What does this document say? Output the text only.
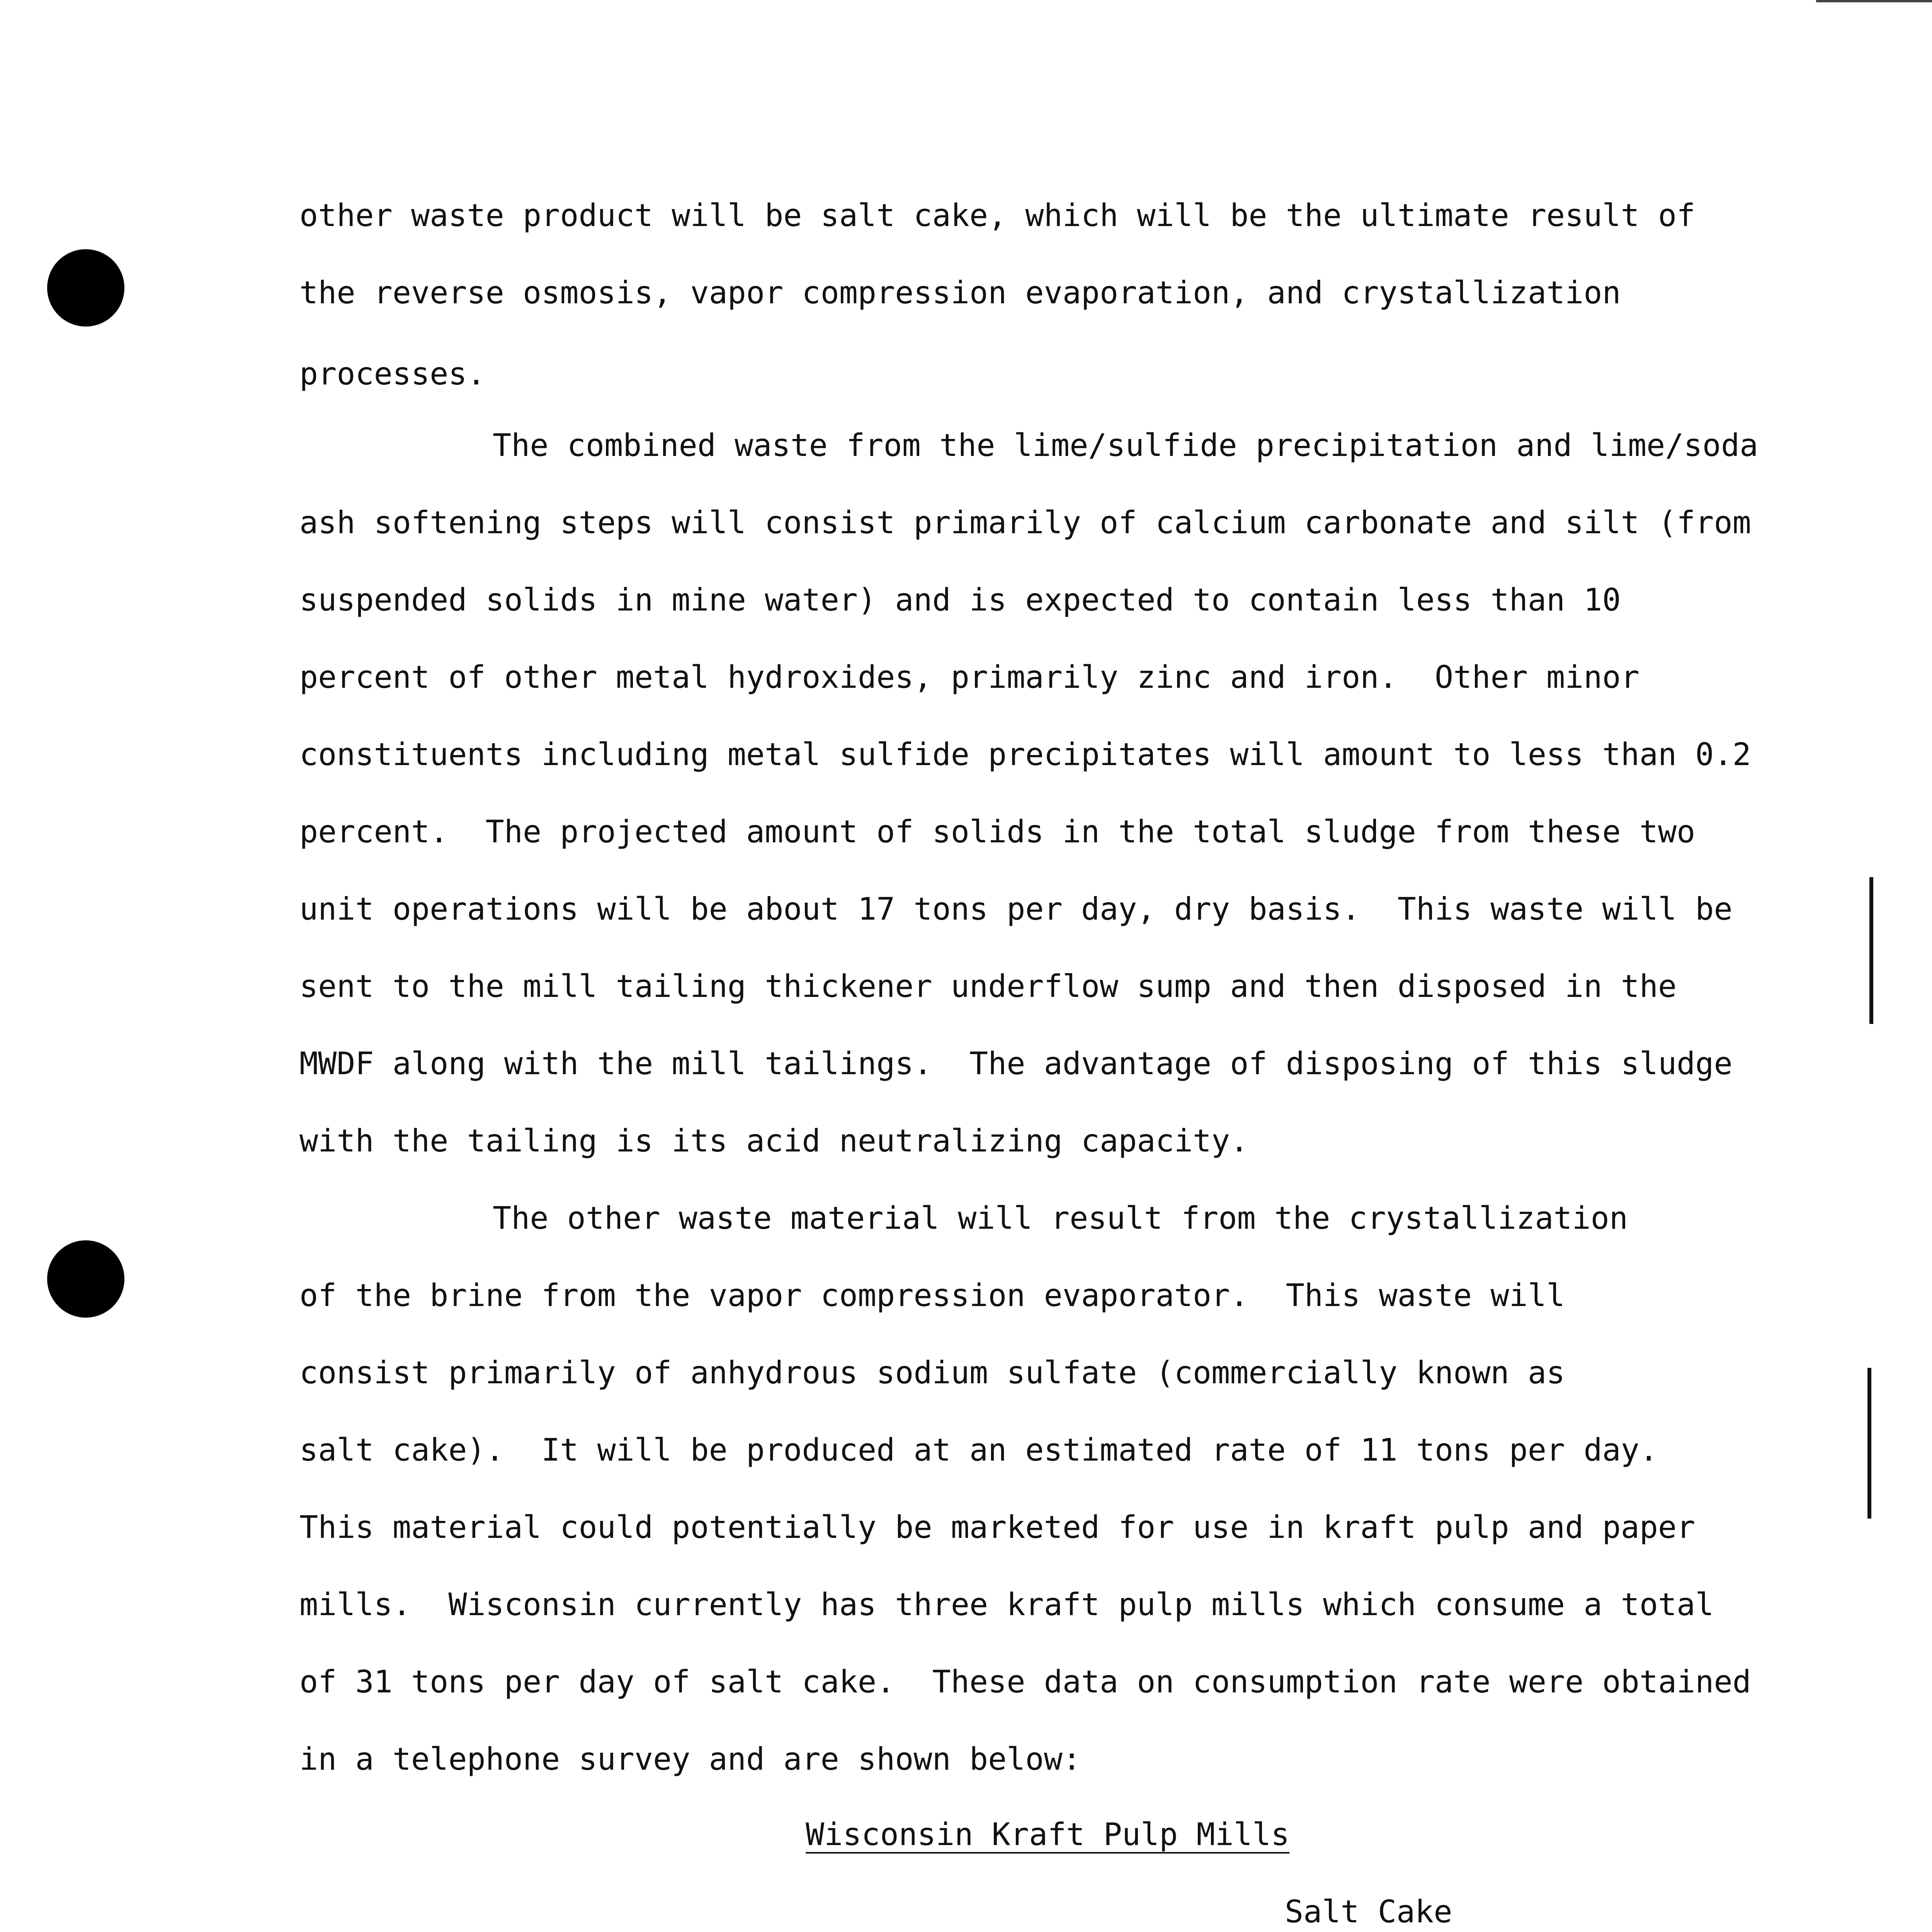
other waste product will be salt cake, which will be the ultimate result of

the reverse osmosis, vapor compression evaporation, and crystallization

processes.

The combined waste from the lime/sulfide precipitation and lime/soda

ash softening steps will consist primarily of calcium carbonate and silt (from

suspended solids in mine water) and is expected to contain less than 10

percent of other metal hydroxides, primarily zinc and iron.  Other minor

constituents including metal sulfide precipitates will amount to less than 0.2

percent.  The projected amount of solids in the total sludge from these two

unit operations will be about 17 tons per day, dry basis.  This waste will be

sent to the mill tailing thickener underflow sump and then disposed in the

MWDF along with the mill tailings.  The advantage of disposing of this sludge

with the tailing is its acid neutralizing capacity.

The other waste material will result from the crystallization

of the brine from the vapor compression evaporator.  This waste will

consist primarily of anhydrous sodium sulfate (commercially known as

salt cake).  It will be produced at an estimated rate of 11 tons per day.

This material could potentially be marketed for use in kraft pulp and paper

mills.  Wisconsin currently has three kraft pulp mills which consume a total

of 31 tons per day of salt cake.  These data on consumption rate were obtained

in a telephone survey and are shown below:

Wisconsin Kraft Pulp Mills
Salt Cake
